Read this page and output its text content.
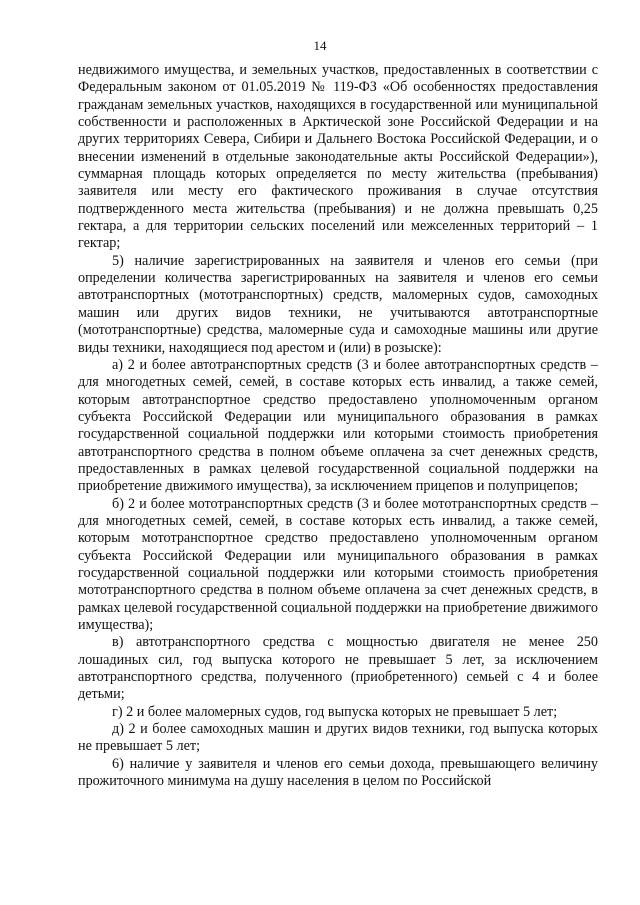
14

недвижимого имущества, и земельных участков, предоставленных в соответствии с Федеральным законом от 01.05.2019 № 119-ФЗ «Об особенностях предоставления гражданам земельных участков, находящихся в государственной или муниципальной собственности и расположенных в Арктической зоне Российской Федерации и на других территориях Севера, Сибири и Дальнего Востока Российской Федерации, и о внесении изменений в отдельные законодательные акты Российской Федерации»), суммарная площадь которых определяется по месту жительства (пребывания) заявителя или месту его фактического проживания в случае отсутствия подтвержденного места жительства (пребывания) и не должна превышать 0,25 гектара, а для территории сельских поселений или межселенных территорий – 1 гектар;

5) наличие зарегистрированных на заявителя и членов его семьи (при определении количества зарегистрированных на заявителя и членов его семьи автотранспортных (мототранспортных) средств, маломерных судов, самоходных машин или других видов техники, не учитываются автотранспортные (мототранспортные) средства, маломерные суда и самоходные машины или другие виды техники, находящиеся под арестом и (или) в розыске):

а) 2 и более автотранспортных средств (3 и более автотранспортных средств – для многодетных семей, семей, в составе которых есть инвалид, а также семей, которым автотранспортное средство предоставлено уполномоченным органом субъекта Российской Федерации или муниципального образования в рамках государственной социальной поддержки или которыми стоимость приобретения автотранспортного средства в полном объеме оплачена за счет денежных средств, предоставленных в рамках целевой государственной социальной поддержки на приобретение движимого имущества), за исключением прицепов и полуприцепов;

б) 2 и более мототранспортных средств (3 и более мототранспортных средств – для многодетных семей, семей, в составе которых есть инвалид, а также семей, которым мототранспортное средство предоставлено уполномоченным органом субъекта Российской Федерации или муниципального образования в рамках государственной социальной поддержки или которыми стоимость приобретения мототранспортного средства в полном объеме оплачена за счет денежных средств, в рамках целевой государственной социальной поддержки на приобретение движимого имущества);

в) автотранспортного средства с мощностью двигателя не менее 250 лошадиных сил, год выпуска которого не превышает 5 лет, за исключением автотранспортного средства, полученного (приобретенного) семьей с 4 и более детьми;

г) 2 и более маломерных судов, год выпуска которых не превышает 5 лет;

д) 2 и более самоходных машин и других видов техники, год выпуска которых не превышает 5 лет;

6) наличие у заявителя и членов его семьи дохода, превышающего величину прожиточного минимума на душу населения в целом по Российской
